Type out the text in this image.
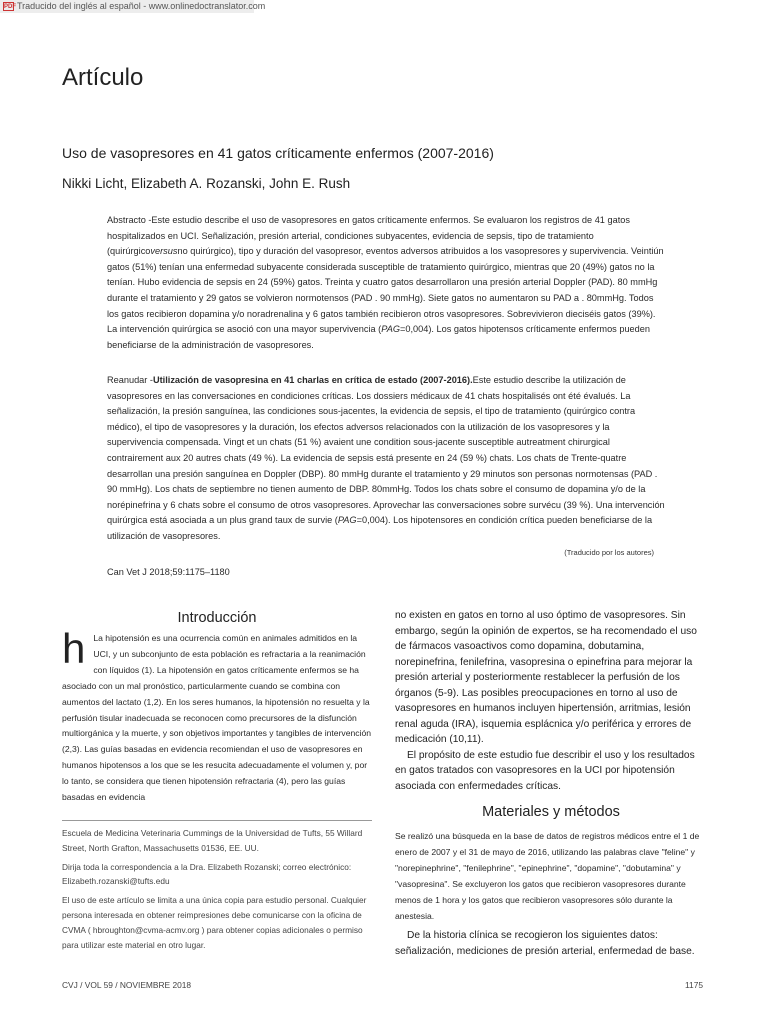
PDF Traducido del inglés al español - www.onlinedoctranslator.com
Artículo
Uso de vasopresores en 41 gatos críticamente enfermos (2007-2016)
Nikki Licht, Elizabeth A. Rozanski, John E. Rush
Abstracto -Este estudio describe el uso de vasopresores en gatos críticamente enfermos. Se evaluaron los registros de 41 gatos hospitalizados en UCI. Señalización, presión arterial, condiciones subyacentes, evidencia de sepsis, tipo de tratamiento (quirúrgicoversusno quirúrgico), tipo y duración del vasopresor, eventos adversos atribuidos a los vasopresores y supervivencia. Veintiún gatos (51%) tenían una enfermedad subyacente considerada susceptible de tratamiento quirúrgico, mientras que 20 (49%) gatos no la tenían. Hubo evidencia de sepsis en 24 (59%) gatos. Treinta y cuatro gatos desarrollaron una presión arterial Doppler (PAD). 80 mmHg durante el tratamiento y 29 gatos se volvieron normotensos (PAD . 90 mmHg). Siete gatos no aumentaron su PAD a . 80mmHg. Todos los gatos recibieron dopamina y/o noradrenalina y 6 gatos también recibieron otros vasopresores. Sobrevivieron dieciséis gatos (39%). La intervención quirúrgica se asoció con una mayor supervivencia (PAG=0,004). Los gatos hipotensos críticamente enfermos pueden beneficiarse de la administración de vasopresores.
Reanudar -Utilización de vasopresina en 41 charlas en crítica de estado (2007-2016).Este estudio describe la utilización de vasopresores en las conversaciones en condiciones críticas. Los dossiers médicaux de 41 chats hospitalisés ont été évalués. La señalización, la presión sanguínea, las condiciones sous-jacentes, la evidencia de sepsis, el tipo de tratamiento (quirúrgico contra médico), el tipo de vasopresores y la duración, los efectos adversos relacionados con la utilización de los vasopresores y la supervivencia compensada. Vingt et un chats (51 %) avaient une condition sous-jacente susceptible autreatment chirurgical contrairement aux 20 autres chats (49 %). La evidencia de sepsis está presente en 24 (59 %) chats. Los chats de Trente-quatre desarrollan una presión sanguínea en Doppler (DBP). 80 mmHg durante el tratamiento y 29 minutos son personas normotensas (PAD . 90 mmHg). Los chats de septiembre no tienen aumento de DBP. 80mmHg. Todos los chats sobre el consumo de dopamina y/o de la norépinefrina y 6 chats sobre el consumo de otros vasopresores. Aprovechar las conversaciones sobre survécu (39 %). Una intervención quirúrgica está asociada a un plus grand taux de survie (PAG=0,004). Los hipotensores en condición crítica pueden beneficiarse de la utilización de vasopresores.
(Traducido por los autores)
Can Vet J 2018;59:1175–1180
Introducción
h La hipotensión es una ocurrencia común en animales admitidos en la UCI, y un subconjunto de esta población es refractaria a la reanimación con líquidos (1). La hipotensión en gatos críticamente enfermos se ha asociado con un mal pronóstico, particularmente cuando se combina con aumentos del lactato (1,2). En los seres humanos, la hipotensión no resuelta y la perfusión tisular inadecuada se reconocen como precursores de la disfunción multiorgánica y la muerte, y son objetivos importantes y tangibles de intervención (2,3). Las guías basadas en evidencia recomiendan el uso de vasopresores en humanos hipotensos a los que se les resucita adecuadamente el volumen y, por lo tanto, se considera que tienen hipotensión refractaria (4), pero las guías basadas en evidencia

Escuela de Medicina Veterinaria Cummings de la Universidad de Tufts, 55 Willard Street, North Grafton, Massachusetts 01536, EE. UU.

Dirija toda la correspondencia a la Dra. Elizabeth Rozanski; correo electrónico: Elizabeth.rozanski@tufts.edu

El uso de este artículo se limita a una única copia para estudio personal. Cualquier persona interesada en obtener reimpresiones debe comunicarse con la oficina de CVMA ( hbroughton@cvma-acmv.org ) para obtener copias adicionales o permiso para utilizar este material en otro lugar.

no existen en gatos en torno al uso óptimo de vasopresores. Sin embargo, según la opinión de expertos, se ha recomendado el uso de fármacos vasoactivos como dopamina, dobutamina, norepinefrina, fenilefrina, vasopresina o epinefrina para mejorar la presión arterial y posteriormente restablecer la perfusión de los órganos (5-9). Las posibles preocupaciones en torno al uso de vasopresores en humanos incluyen hipertensión, arritmias, lesión renal aguda (IRA), isquemia esplácnica y/o periférica y errores de medicación (10,11).

El propósito de este estudio fue describir el uso y los resultados en gatos tratados con vasopresores en la UCI por hipotensión asociada con enfermedades críticas.

Materiales y métodos

Se realizó una búsqueda en la base de datos de registros médicos entre el 1 de enero de 2007 y el 31 de mayo de 2016, utilizando las palabras clave "feline" y "norepinephrine", "fenilephrine", "epinephrine", "dopamine", "dobutamina" y "vasopresina". Se excluyeron los gatos que recibieron vasopresores durante menos de 1 hora y los gatos que recibieron vasopresores sólo durante la anestesia.

De la historia clínica se recogieron los siguientes datos: señalización, mediciones de presión arterial, enfermedad de base.

CVJ / VOL 59 / NOVIEMBRE 2018	1175
